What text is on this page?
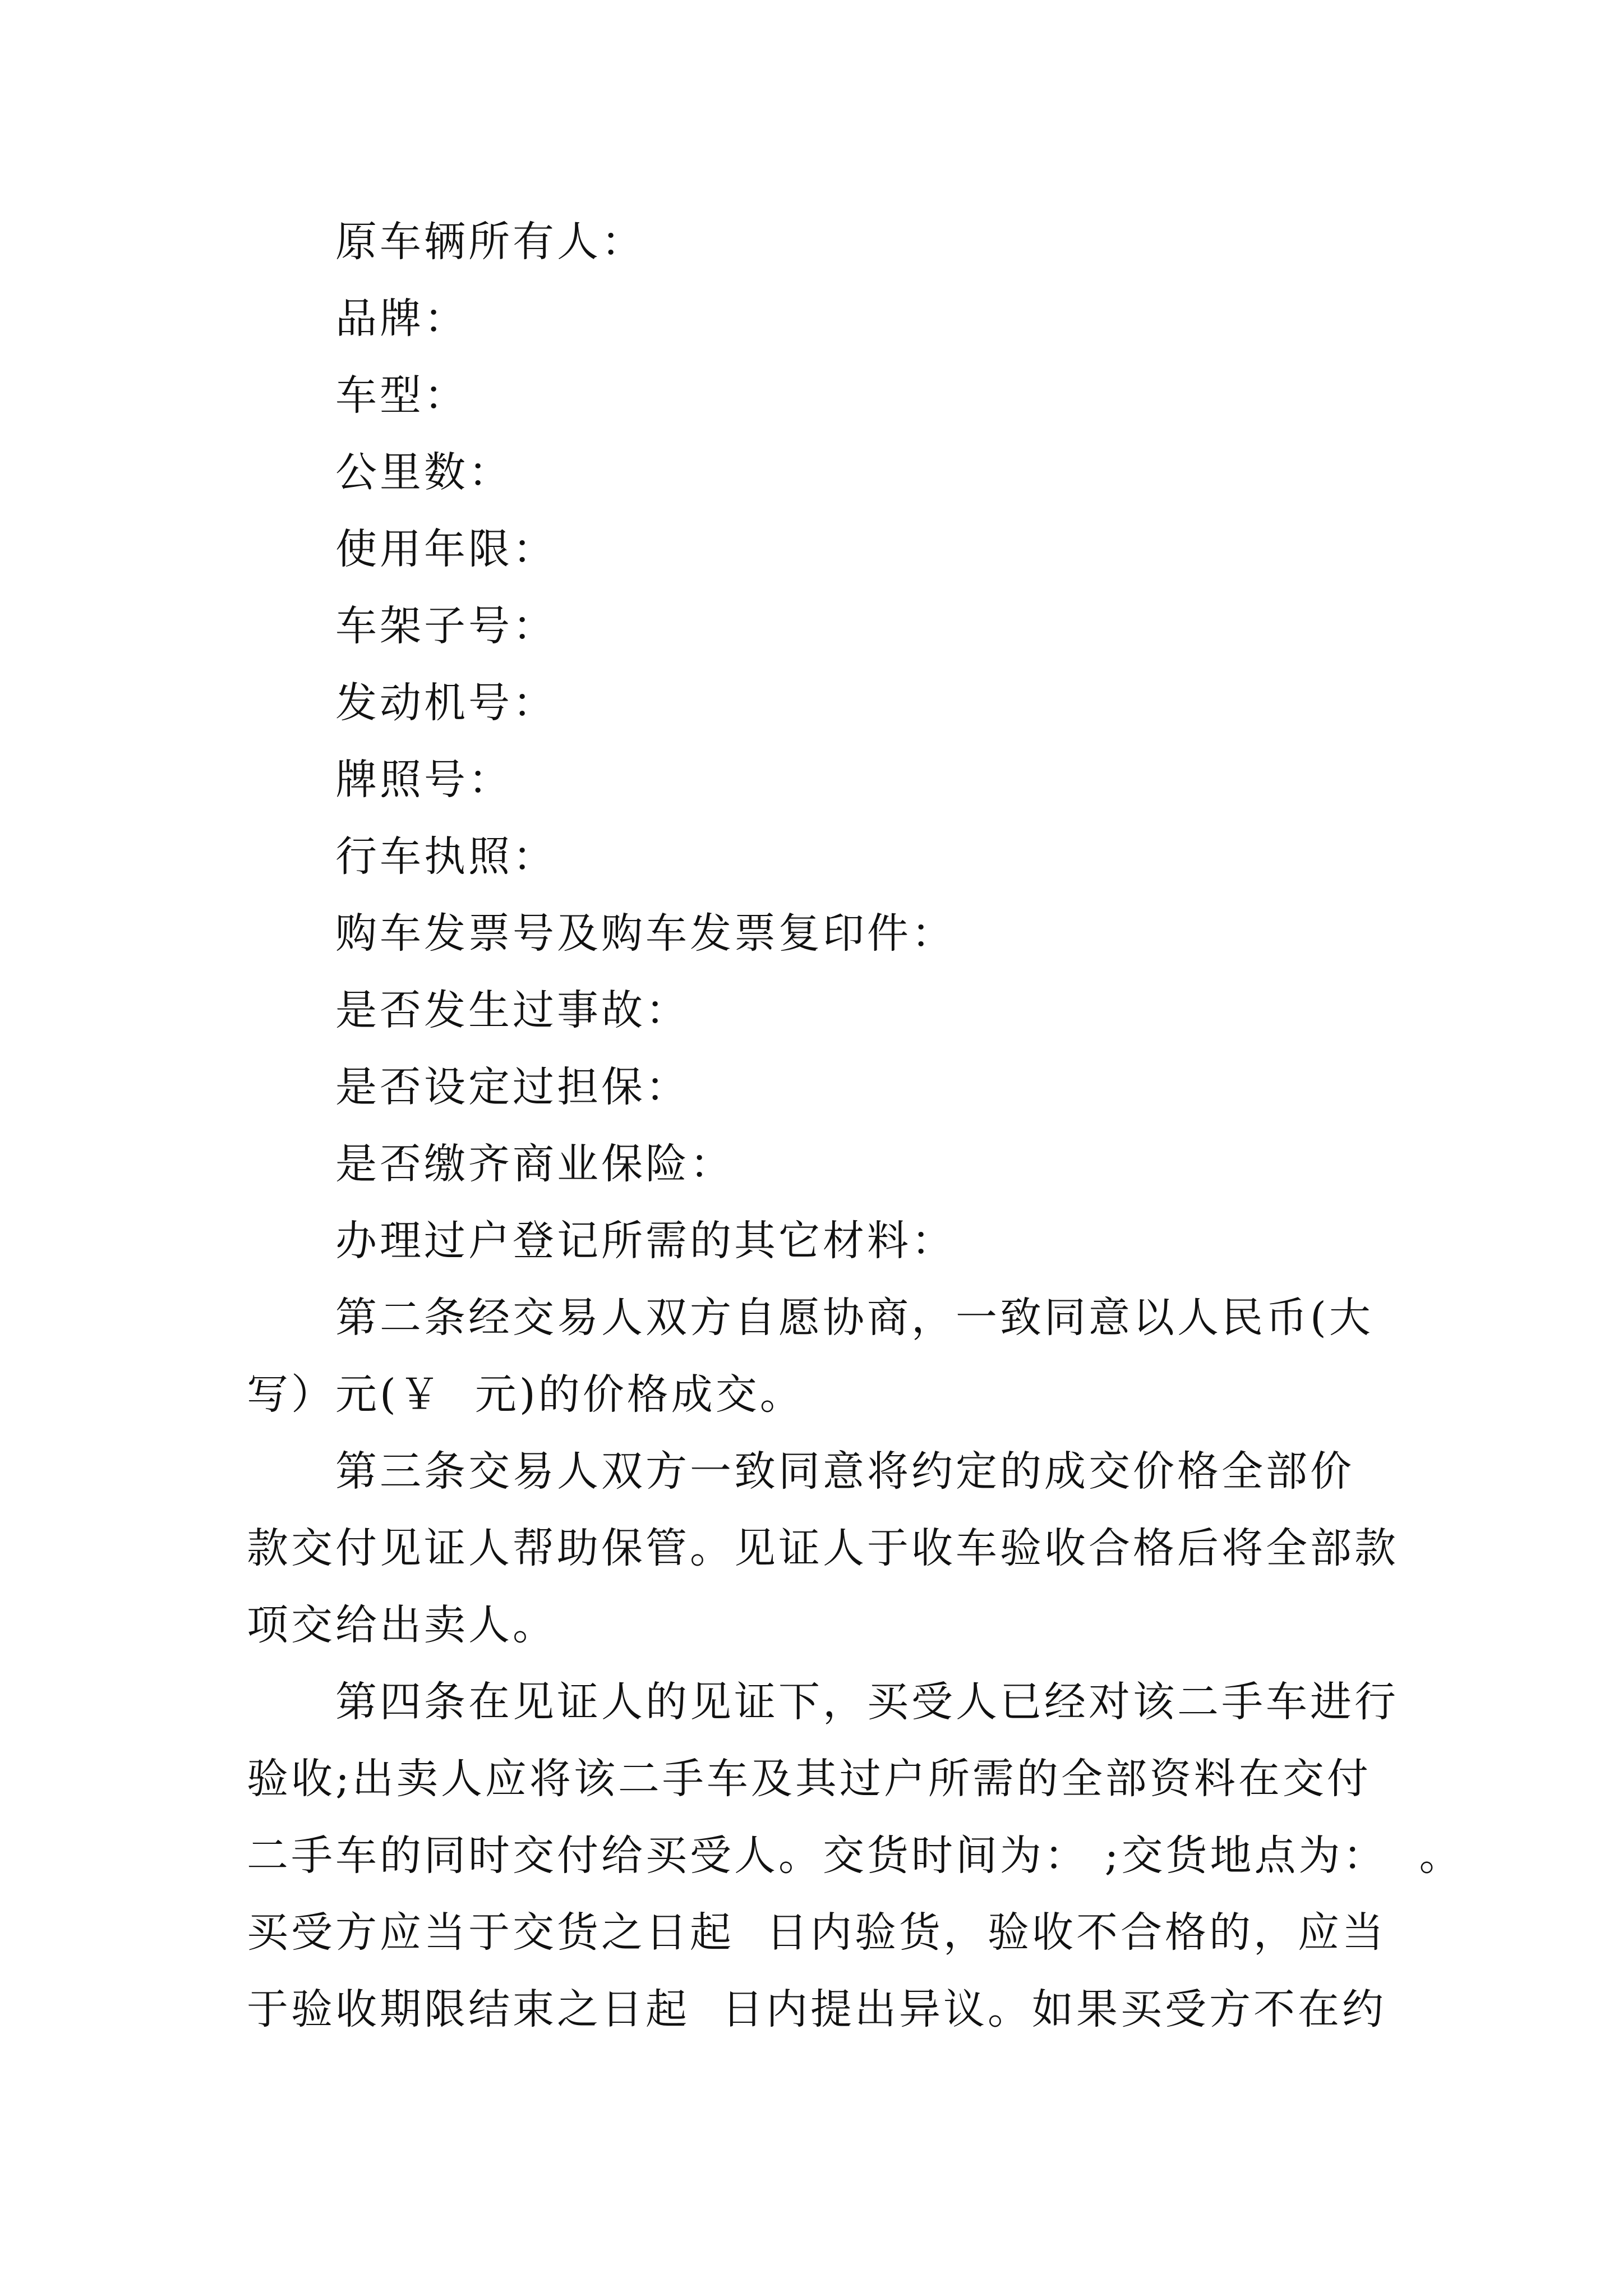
原车辆所有人：
品牌：
车型：
公里数：
使用年限：
车架子号：
发动机号：
牌照号：
行车执照：
购车发票号及购车发票复印件：
是否发生过事故：
是否设定过担保：
是否缴齐商业保险：
办理过户登记所需的其它材料：
第二条经交易人双方自愿协商，一致同意以人民币(大
写）元(￥  元)的价格成交。
第三条交易人双方一致同意将约定的成交价格全部价
款交付见证人帮助保管。见证人于收车验收合格后将全部款
项交给出卖人。
第四条在见证人的见证下，买受人已经对该二手车进行
验收;出卖人应将该二手车及其过户所需的全部资料在交付
二手车的同时交付给买受人。交货时间为： ;交货地点为：  。
买受方应当于交货之日起  日内验货，验收不合格的，应当
于验收期限结束之日起  日内提出异议。如果买受方不在约
